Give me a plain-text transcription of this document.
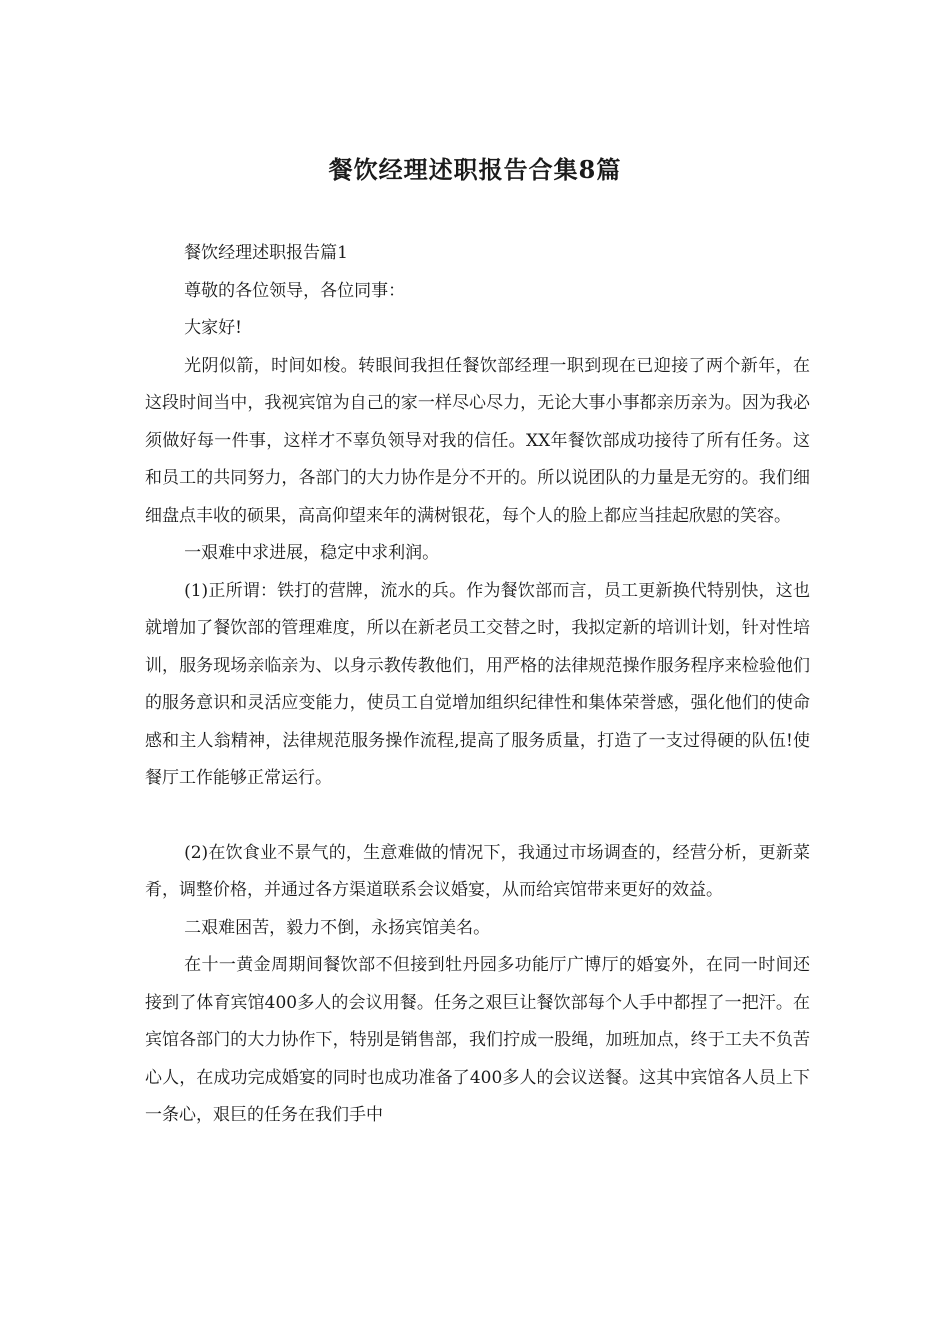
餐饮经理述职报告合集8篇

餐饮经理述职报告篇1

尊敬的各位领导，各位同事：

大家好!

光阴似箭，时间如梭。转眼间我担任餐饮部经理一职到现在已迎接了两个新年，在这段时间当中，我视宾馆为自己的家一样尽心尽力，无论大事小事都亲历亲为。因为我必须做好每一件事，这样才不辜负领导对我的信任。XX年餐饮部成功接待了所有任务。这和员工的共同努力，各部门的大力协作是分不开的。所以说团队的力量是无穷的。我们细细盘点丰收的硕果，高高仰望来年的满树银花，每个人的脸上都应当挂起欣慰的笑容。

一艰难中求进展，稳定中求利润。

(1)正所谓：铁打的营牌，流水的兵。作为餐饮部而言，员工更新换代特别快，这也就增加了餐饮部的管理难度，所以在新老员工交替之时，我拟定新的培训计划，针对性培训，服务现场亲临亲为、以身示教传教他们，用严格的法律规范操作服务程序来检验他们的服务意识和灵活应变能力，使员工自觉增加组织纪律性和集体荣誉感，强化他们的使命感和主人翁精神，法律规范服务操作流程,提高了服务质量，打造了一支过得硬的队伍!使餐厅工作能够正常运行。

(2)在饮食业不景气的，生意难做的情况下，我通过市场调查的，经营分析，更新菜肴，调整价格，并通过各方渠道联系会议婚宴，从而给宾馆带来更好的效益。

二艰难困苦，毅力不倒，永扬宾馆美名。

在十一黄金周期间餐饮部不但接到牡丹园多功能厅广博厅的婚宴外，在同一时间还接到了体育宾馆400多人的会议用餐。任务之艰巨让餐饮部每个人手中都捏了一把汗。在宾馆各部门的大力协作下，特别是销售部，我们拧成一股绳，加班加点，终于工夫不负苦心人，在成功完成婚宴的同时也成功准备了400多人的会议送餐。这其中宾馆各人员上下一条心，艰巨的任务在我们手中
